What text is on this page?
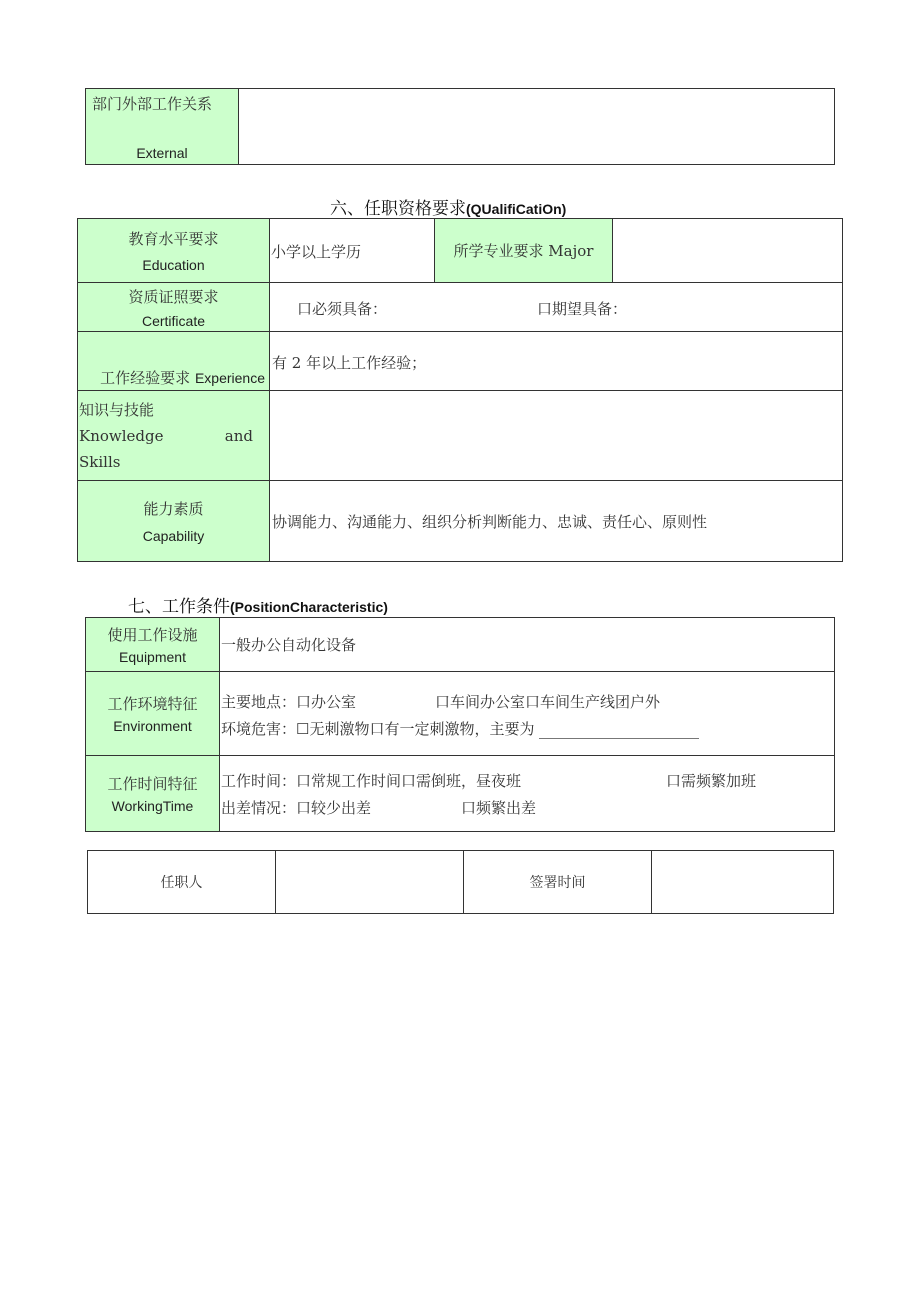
部门外部工作关系
External

六、任职资格要求(QUalifiCatiOn)
教育水平要求
Education	小学以上学历	所学专业要求 Major	

资质证照要求
Certificate	口必须具备： 口期望具备：		

工作经验要求 Experience	有 2 年以上工作经验；		

知识与技能
Knowledge and
Skills			

能力素质
Capability	协调能力、沟通能力、组织分析判断能力、忠诚、责任心、原则性		
七、工作条件(PositionCharacteristic)
使用工作设施
Equipment	一般办公自动化设备

工作环境特征
Environment	主要地点：口办公室 口车间办公室口车间生产线团户外
环境危害：☐无刺激物口有一定刺激物，主要为

工作时间特征
WorkingTime	工作时间：口常规工作时间口需倒班，昼夜班 口需频繁加班
出差情况：口较少出差 口频繁出差
任职人		签署时间	
